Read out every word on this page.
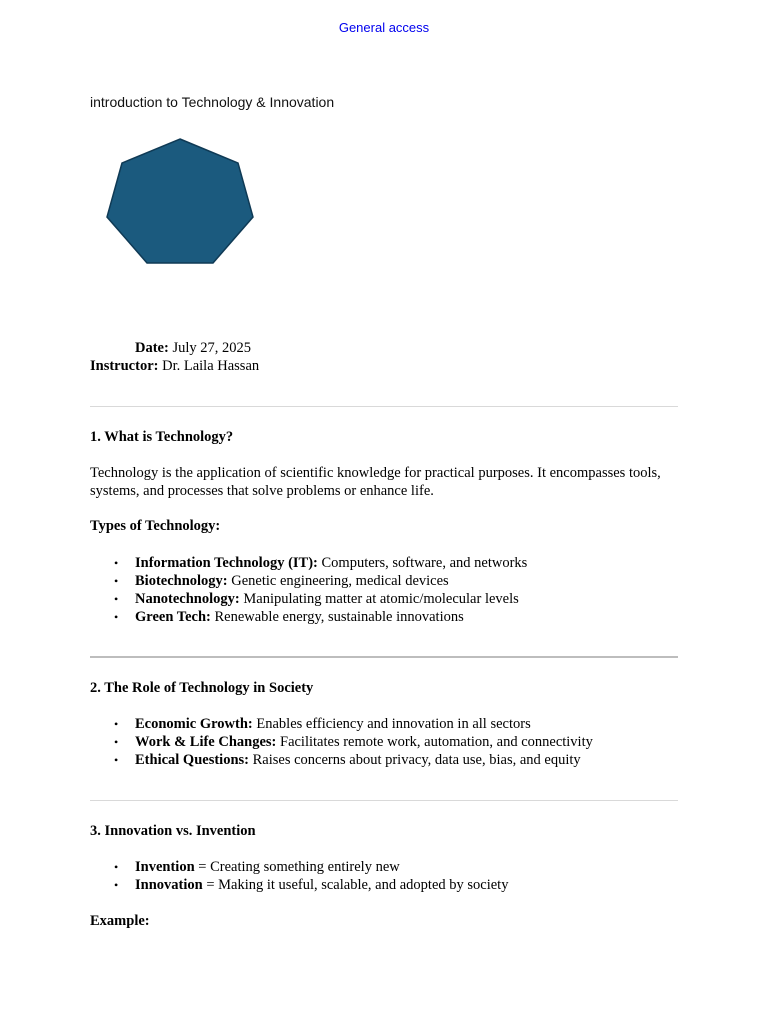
General access
introduction to Technology & Innovation
Date: July 27, 2025
Instructor: Dr. Laila Hassan
1. What is Technology?
Technology is the application of scientific knowledge for practical purposes. It encompasses tools, systems, and processes that solve problems or enhance life.
Types of Technology:
• Information Technology (IT): Computers, software, and networks
• Biotechnology: Genetic engineering, medical devices
• Nanotechnology: Manipulating matter at atomic/molecular levels
• Green Tech: Renewable energy, sustainable innovations
2. The Role of Technology in Society
• Economic Growth: Enables efficiency and innovation in all sectors
• Work & Life Changes: Facilitates remote work, automation, and connectivity
• Ethical Questions: Raises concerns about privacy, data use, bias, and equity
3. Innovation vs. Invention
• Invention = Creating something entirely new
• Innovation = Making it useful, scalable, and adopted by society
Example:
